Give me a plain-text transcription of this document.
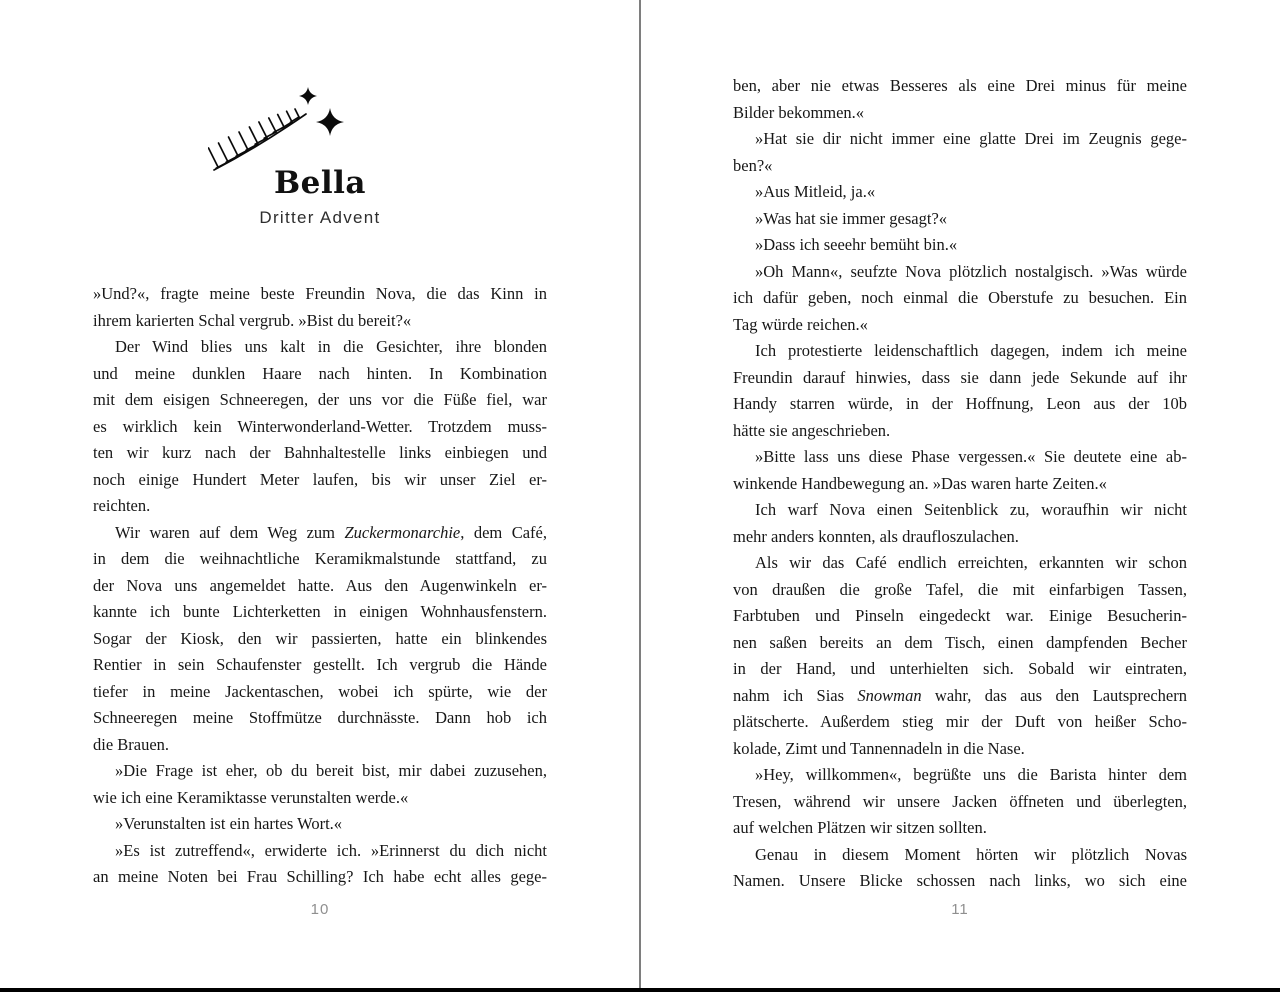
Bella
Dritter Advent
»Und?«, fragte meine beste Freundin Nova, die das Kinn in
ihrem karierten Schal vergrub. »Bist du bereit?«
Der Wind blies uns kalt in die Gesichter, ihre blonden
und meine dunklen Haare nach hinten. In Kombination
mit dem eisigen Schneeregen, der uns vor die Füße fiel, war
es wirklich kein Winterwonderland-Wetter. Trotzdem muss-
ten wir kurz nach der Bahnhaltestelle links einbiegen und
noch einige Hundert Meter laufen, bis wir unser Ziel er-
reichten.
Wir waren auf dem Weg zum Zuckermonarchie, dem Café,
in dem die weihnachtliche Keramikmalstunde stattfand, zu
der Nova uns angemeldet hatte. Aus den Augenwinkeln er-
kannte ich bunte Lichterketten in einigen Wohnhausfenstern.
Sogar der Kiosk, den wir passierten, hatte ein blinkendes
Rentier in sein Schaufenster gestellt. Ich vergrub die Hände
tiefer in meine Jackentaschen, wobei ich spürte, wie der
Schneeregen meine Stoffmütze durchnässte. Dann hob ich
die Brauen.
»Die Frage ist eher, ob du bereit bist, mir dabei zuzusehen,
wie ich eine Keramiktasse verunstalten werde.«
»Verunstalten ist ein hartes Wort.«
»Es ist zutreffend«, erwiderte ich. »Erinnerst du dich nicht
an meine Noten bei Frau Schilling? Ich habe echt alles gege-
10
ben, aber nie etwas Besseres als eine Drei minus für meine
Bilder bekommen.«
»Hat sie dir nicht immer eine glatte Drei im Zeugnis gege-
ben?«
»Aus Mitleid, ja.«
»Was hat sie immer gesagt?«
»Dass ich seeehr bemüht bin.«
»Oh Mann«, seufzte Nova plötzlich nostalgisch. »Was würde
ich dafür geben, noch einmal die Oberstufe zu besuchen. Ein
Tag würde reichen.«
Ich protestierte leidenschaftlich dagegen, indem ich meine
Freundin darauf hinwies, dass sie dann jede Sekunde auf ihr
Handy starren würde, in der Hoffnung, Leon aus der 10b
hätte sie angeschrieben.
»Bitte lass uns diese Phase vergessen.« Sie deutete eine ab-
winkende Handbewegung an. »Das waren harte Zeiten.«
Ich warf Nova einen Seitenblick zu, woraufhin wir nicht
mehr anders konnten, als draufloszulachen.
Als wir das Café endlich erreichten, erkannten wir schon
von draußen die große Tafel, die mit einfarbigen Tassen,
Farbtuben und Pinseln eingedeckt war. Einige Besucherin-
nen saßen bereits an dem Tisch, einen dampfenden Becher
in der Hand, und unterhielten sich. Sobald wir eintraten,
nahm ich Sias Snowman wahr, das aus den Lautsprechern
plätscherte. Außerdem stieg mir der Duft von heißer Scho-
kolade, Zimt und Tannennadeln in die Nase.
»Hey, willkommen«, begrüßte uns die Barista hinter dem
Tresen, während wir unsere Jacken öffneten und überlegten,
auf welchen Plätzen wir sitzen sollten.
Genau in diesem Moment hörten wir plötzlich Novas
Namen. Unsere Blicke schossen nach links, wo sich eine
11
